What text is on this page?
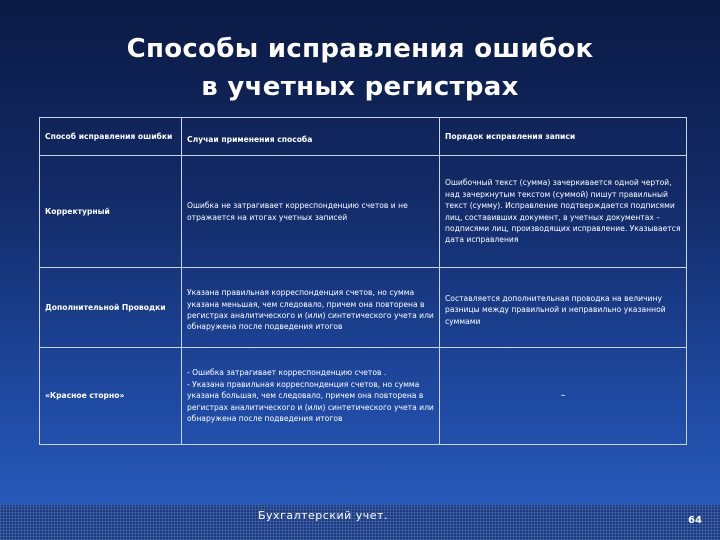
Способы исправления ошибок
в учетных регистрах
Способ исправления ошибки	Случаи применения способа	Порядок исправления записи
Корректурный	Ошибка не затрагивает корреспонденцию счетов и не отражается на итогах учетных записей	Ошибочный текст (сумма) зачеркивается одной чертой, над зачеркнутым текстом (суммой) пишут правильный текст (сумму). Исправление подтверждается подписями лиц, составивших документ, в учетных документах – подписями лиц, производящих исправление. Указывается дата исправления
Дополнительной Проводки	Указана правильная корреспонденция счетов, но сумма указана меньшая, чем следовало, причем она повторена в регистрах аналитического и (или) синтетического учета или обнаружена после подведения итогов	Составляется дополнительная проводка на величину разницы между правильной и неправильно указанной суммами
«Красное сторно»	- Ошибка затрагивает корреспонденцию счетов .
- Указана правильная корреспонденция счетов, но сумма указана большая, чем следовало, причем она повторена в регистрах аналитического и (или) синтетического учета или обнаружена после подведения итогов	–
Бухгалтерский учет.	64
